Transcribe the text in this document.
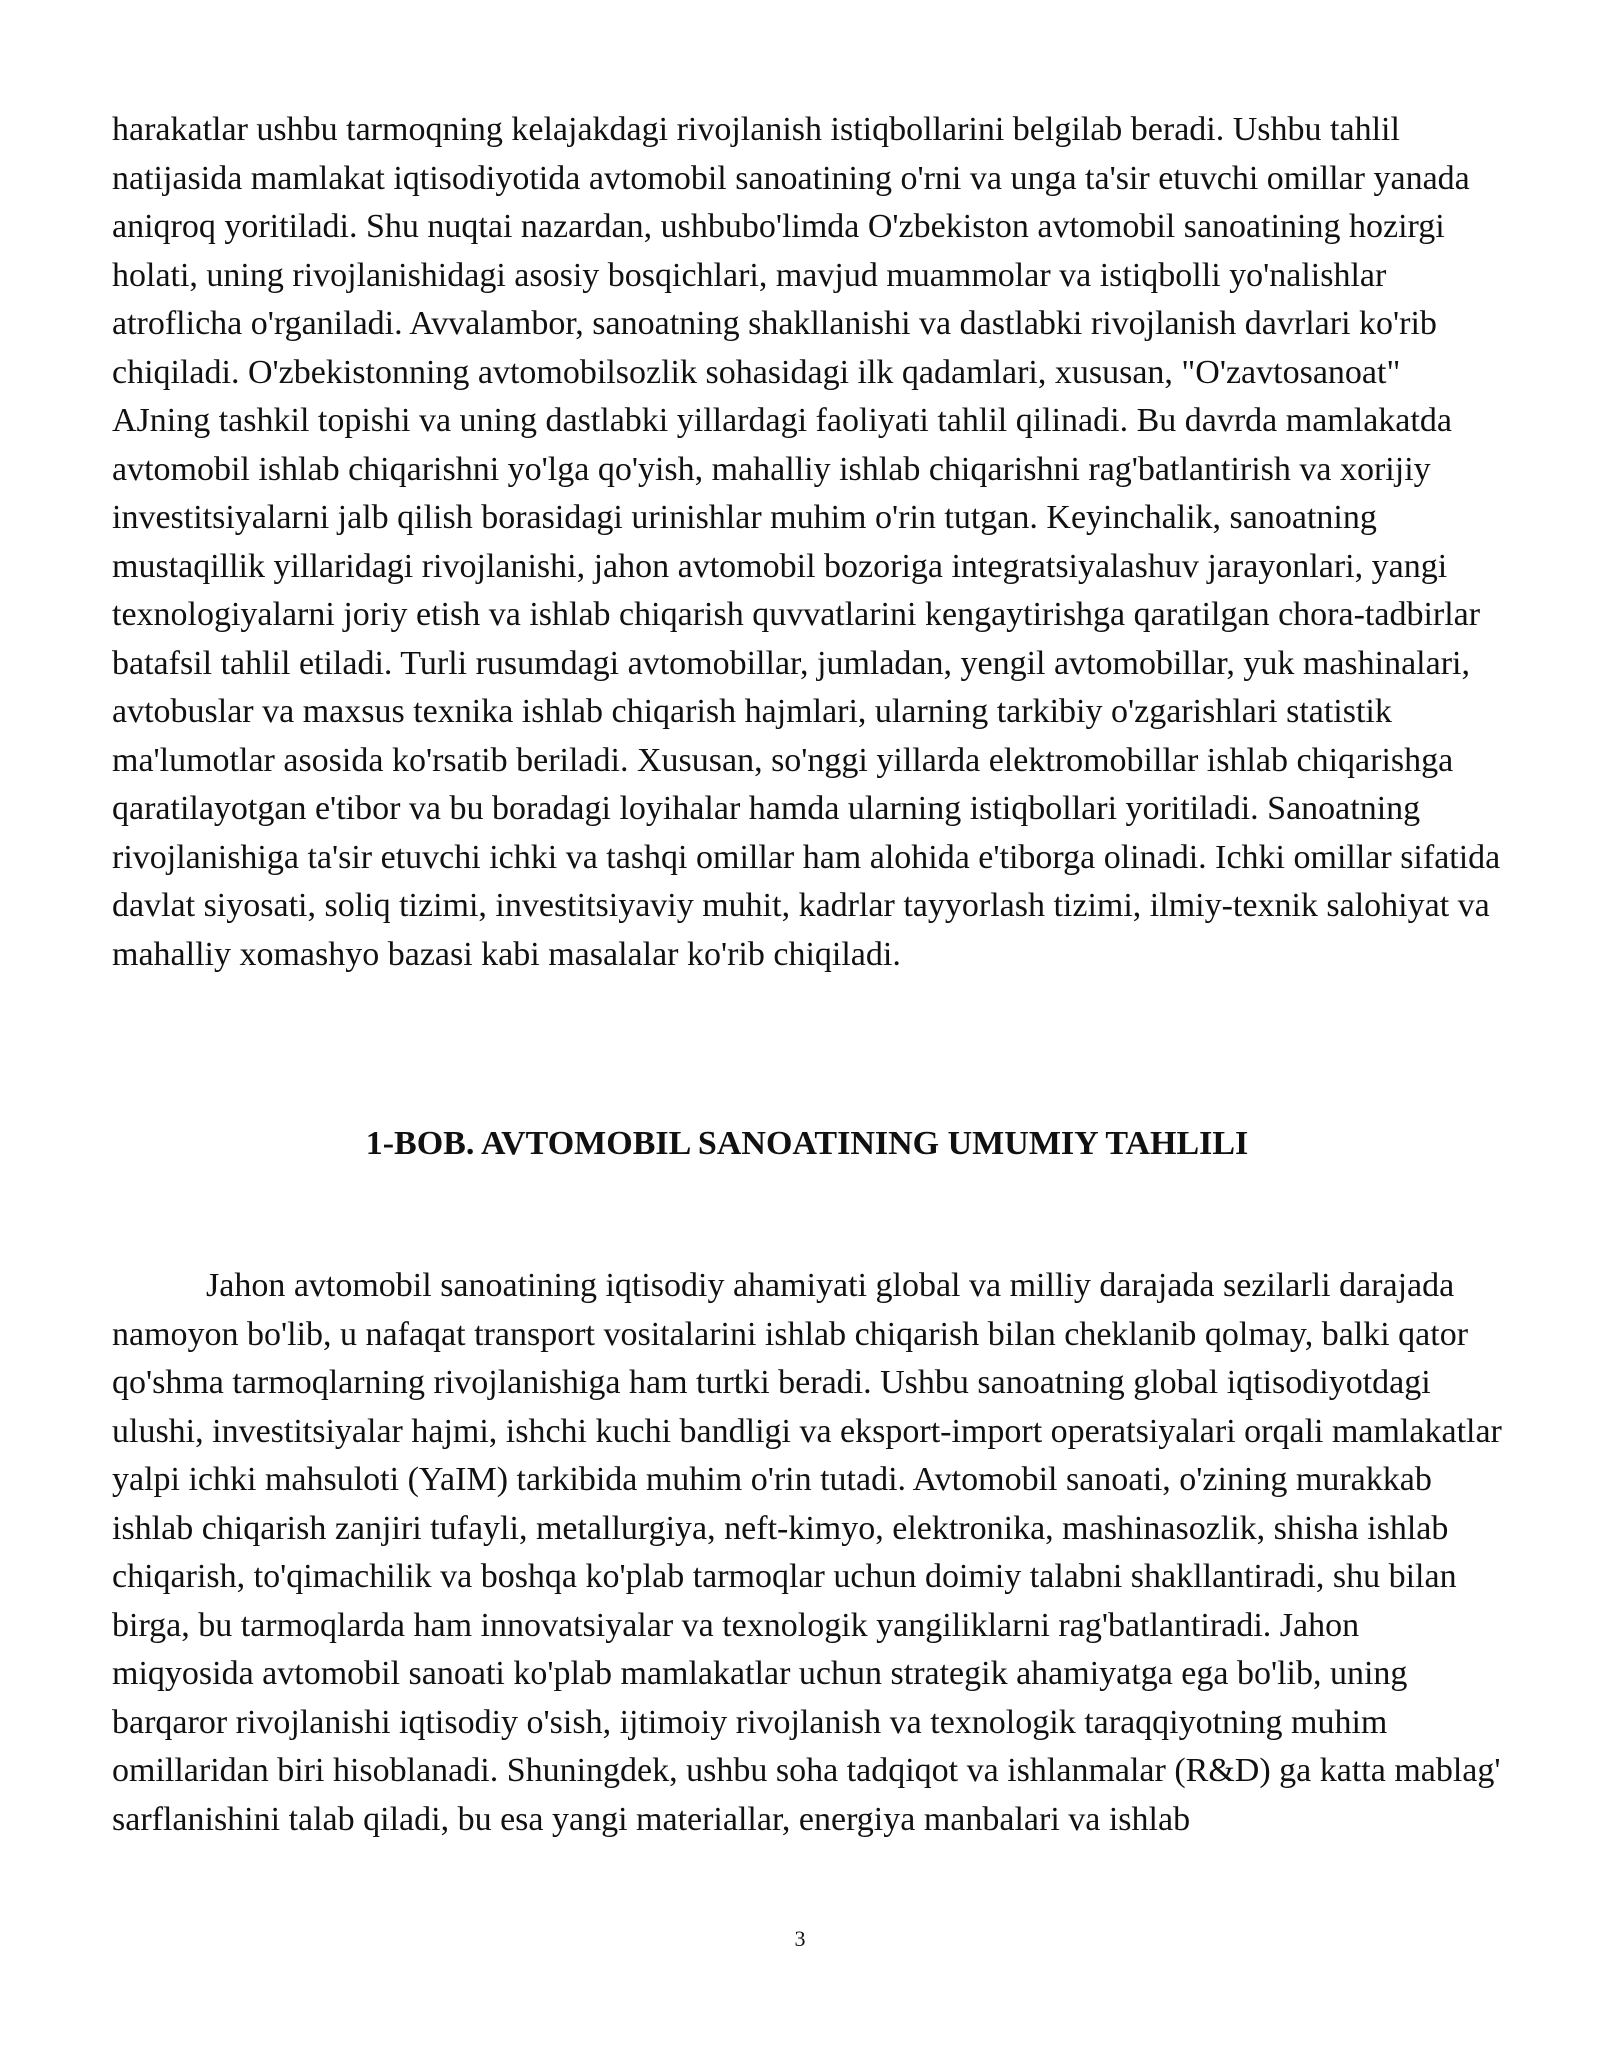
harakatlar ushbu tarmoqning kelajakdagi rivojlanish istiqbollarini belgilab beradi. Ushbu tahlil natijasida mamlakat iqtisodiyotida avtomobil sanoatining o'rni va unga ta'sir etuvchi omillar yanada aniqroq yoritiladi. Shu nuqtai nazardan, ushbubo'limda O'zbekiston avtomobil sanoatining hozirgi holati, uning rivojlanishidagi asosiy bosqichlari, mavjud muammolar va istiqbolli yo'nalishlar atroflicha o'rganiladi. Avvalambor, sanoatning shakllanishi va dastlabki rivojlanish davrlari ko'rib chiqiladi. O'zbekistonning avtomobilsozlik sohasidagi ilk qadamlari, xususan, "O'zavtosanoat" AJning tashkil topishi va uning dastlabki yillardagi faoliyati tahlil qilinadi. Bu davrda mamlakatda avtomobil ishlab chiqarishni yo'lga qo'yish, mahalliy ishlab chiqarishni rag'batlantirish va xorijiy investitsiyalarni jalb qilish borasidagi urinishlar muhim o'rin tutgan. Keyinchalik, sanoatning mustaqillik yillaridagi rivojlanishi, jahon avtomobil bozoriga integratsiyalashuv jarayonlari, yangi texnologiyalarni joriy etish va ishlab chiqarish quvvatlarini kengaytirishga qaratilgan chora-tadbirlar batafsil tahlil etiladi. Turli rusumdagi avtomobillar, jumladan, yengil avtomobillar, yuk mashinalari, avtobuslar va maxsus texnika ishlab chiqarish hajmlari, ularning tarkibiy o'zgarishlari statistik ma'lumotlar asosida ko'rsatib beriladi. Xususan, so'nggi yillarda elektromobillar ishlab chiqarishga qaratilayotgan e'tibor va bu boradagi loyihalar hamda ularning istiqbollari yoritiladi. Sanoatning rivojlanishiga ta'sir etuvchi ichki va tashqi omillar ham alohida e'tiborga olinadi. Ichki omillar sifatida davlat siyosati, soliq tizimi, investitsiyaviy muhit, kadrlar tayyorlash tizimi, ilmiy-texnik salohiyat va mahalliy xomashyo bazasi kabi masalalar ko'rib chiqiladi.

1-BOB. AVTOMOBIL SANOATINING UMUMIY TAHLILI

Jahon avtomobil sanoatining iqtisodiy ahamiyati global va milliy darajada sezilarli darajada namoyon bo'lib, u nafaqat transport vositalarini ishlab chiqarish bilan cheklanib qolmay, balki qator qo'shma tarmoqlarning rivojlanishiga ham turtki beradi. Ushbu sanoatning global iqtisodiyotdagi ulushi, investitsiyalar hajmi, ishchi kuchi bandligi va eksport-import operatsiyalari orqali mamlakatlar yalpi ichki mahsuloti (YaIM) tarkibida muhim o'rin tutadi. Avtomobil sanoati, o'zining murakkab ishlab chiqarish zanjiri tufayli, metallurgiya, neft-kimyo, elektronika, mashinasozlik, shisha ishlab chiqarish, to'qimachilik va boshqa ko'plab tarmoqlar uchun doimiy talabni shakllantiradi, shu bilan birga, bu tarmoqlarda ham innovatsiyalar va texnologik yangiliklarni rag'batlantiradi. Jahon miqyosida avtomobil sanoati ko'plab mamlakatlar uchun strategik ahamiyatga ega bo'lib, uning barqaror rivojlanishi iqtisodiy o'sish, ijtimoiy rivojlanish va texnologik taraqqiyotning muhim omillaridan biri hisoblanadi. Shuningdek, ushbu soha tadqiqot va ishlanmalar (R&D) ga katta mablag' sarflanishini talab qiladi, bu esa yangi materiallar, energiya manbalari va ishlab

3
